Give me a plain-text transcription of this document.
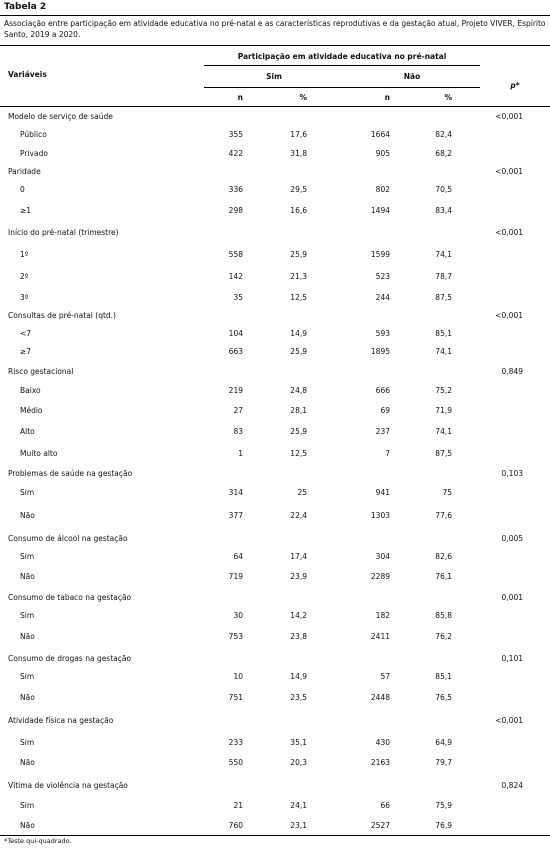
Tabela 2
Associação entre participação em atividade educativa no pré-natal e as características reprodutivas e da gestação atual, Projeto VIVER, Espírito Santo, 2019 a 2020.
Participação em atividade educativa no pré-natal
Variáveis	Sim	Não
p*
n	%	n	%
Modelo de serviço de saúde	<0,001
Público	355	17,6	1664	82,4
Privado	422	31,8	905	68,2
Paridade	<0,001
0	336	29,5	802	70,5
≥1	298	16,6	1494	83,4
Início do pré-natal (trimestre)	<0,001
1º	558	25,9	1599	74,1
2º	142	21,3	523	78,7
3º	35	12,5	244	87,5
Consultas de pré-natal (qtd.)	<0,001
<7	104	14,9	593	85,1
≥7	663	25,9	1895	74,1
Risco gestacional	0,849
Baixo	219	24,8	666	75,2
Médio	27	28,1	69	71,9
Alto	83	25,9	237	74,1
Muito alto	1	12,5	7	87,5
Problemas de saúde na gestação	0,103
Sim	314	25	941	75
Não	377	22,4	1303	77,6
Consumo de álcool na gestação	0,005
Sim	64	17,4	304	82,6
Não	719	23,9	2289	76,1
Consumo de tabaco na gestação	0,001
Sim	30	14,2	182	85,8
Não	753	23,8	2411	76,2
Consumo de drogas na gestação	0,101
Sim	10	14,9	57	85,1
Não	751	23,5	2448	76,5
Atividade física na gestação	<0,001
Sim	233	35,1	430	64,9
Não	550	20,3	2163	79,7
Vítima de violência na gestação	0,824
Sim	21	24,1	66	75,9
Não	760	23,1	2527	76,9
*Teste qui-quadrado.
